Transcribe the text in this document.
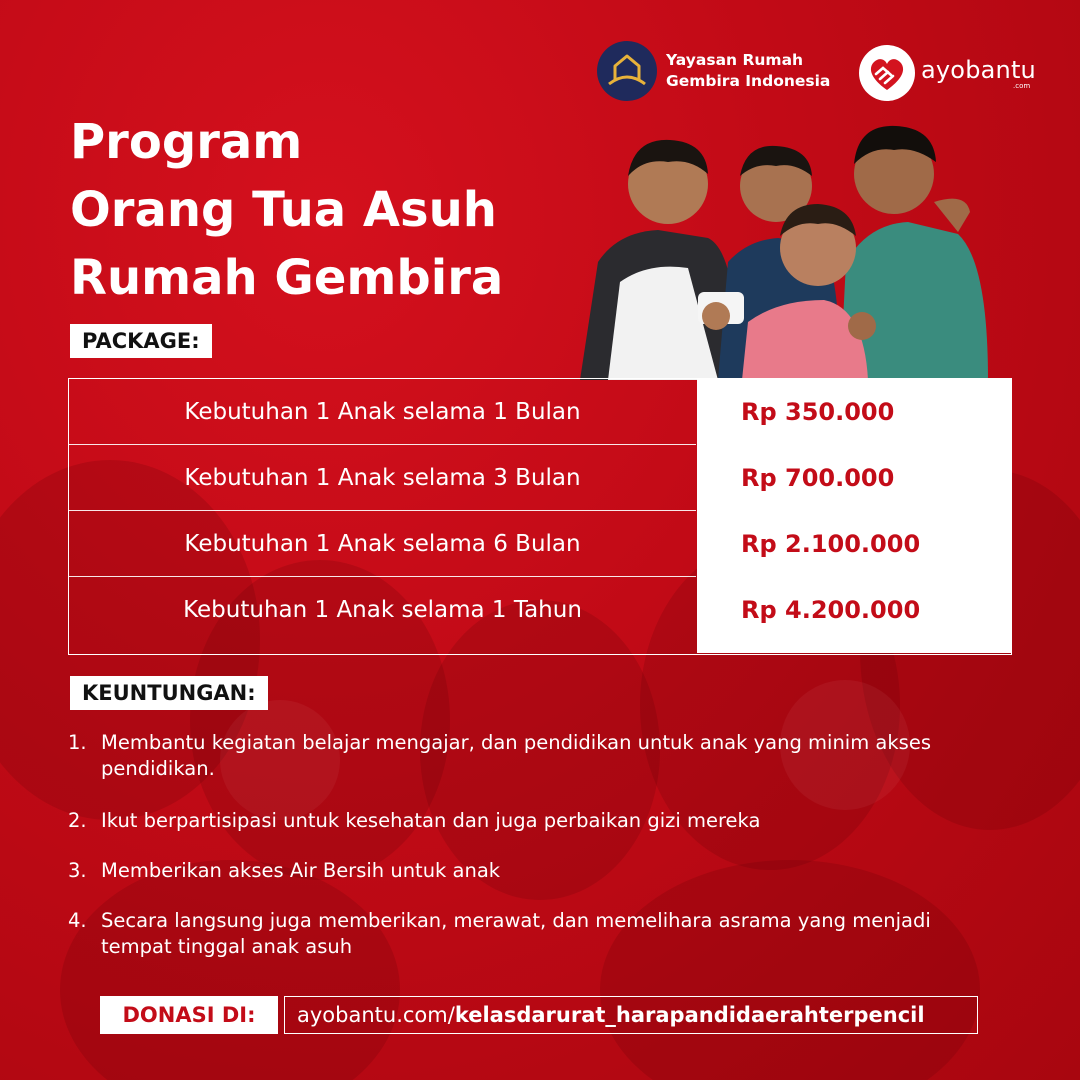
Yayasan Rumah
Gembira Indonesia	ayobantu
.com
Program
Orang Tua Asuh
Rumah Gembira
PACKAGE:
Kebutuhan 1 Anak selama 1 Bulan	Rp 350.000
Kebutuhan 1 Anak selama 3 Bulan	Rp 700.000
Kebutuhan 1 Anak selama 6 Bulan	Rp 2.100.000
Kebutuhan 1 Anak selama 1 Tahun	Rp 4.200.000
KEUNTUNGAN:
1. Membantu kegiatan belajar mengajar, dan pendidikan untuk anak yang minim akses pendidikan.
2. Ikut berpartisipasi untuk kesehatan dan juga perbaikan gizi mereka
3. Memberikan akses Air Bersih untuk anak
4. Secara langsung juga memberikan, merawat, dan memelihara asrama yang menjadi tempat tinggal anak asuh
DONASI DI:	ayobantu.com/kelasdarurat_harapandidaerahterpencil
